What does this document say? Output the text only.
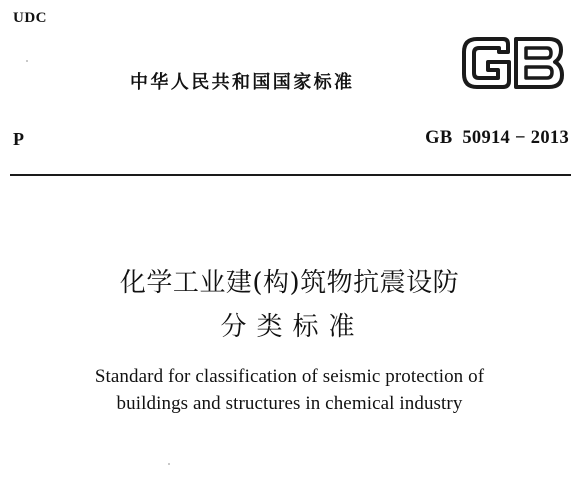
UDC
中华人民共和国国家标准
P	GB  50914 − 2013
化学工业建(构)筑物抗震设防
分类标准
Standard for classification of seismic protection of
buildings and structures in chemical industry
